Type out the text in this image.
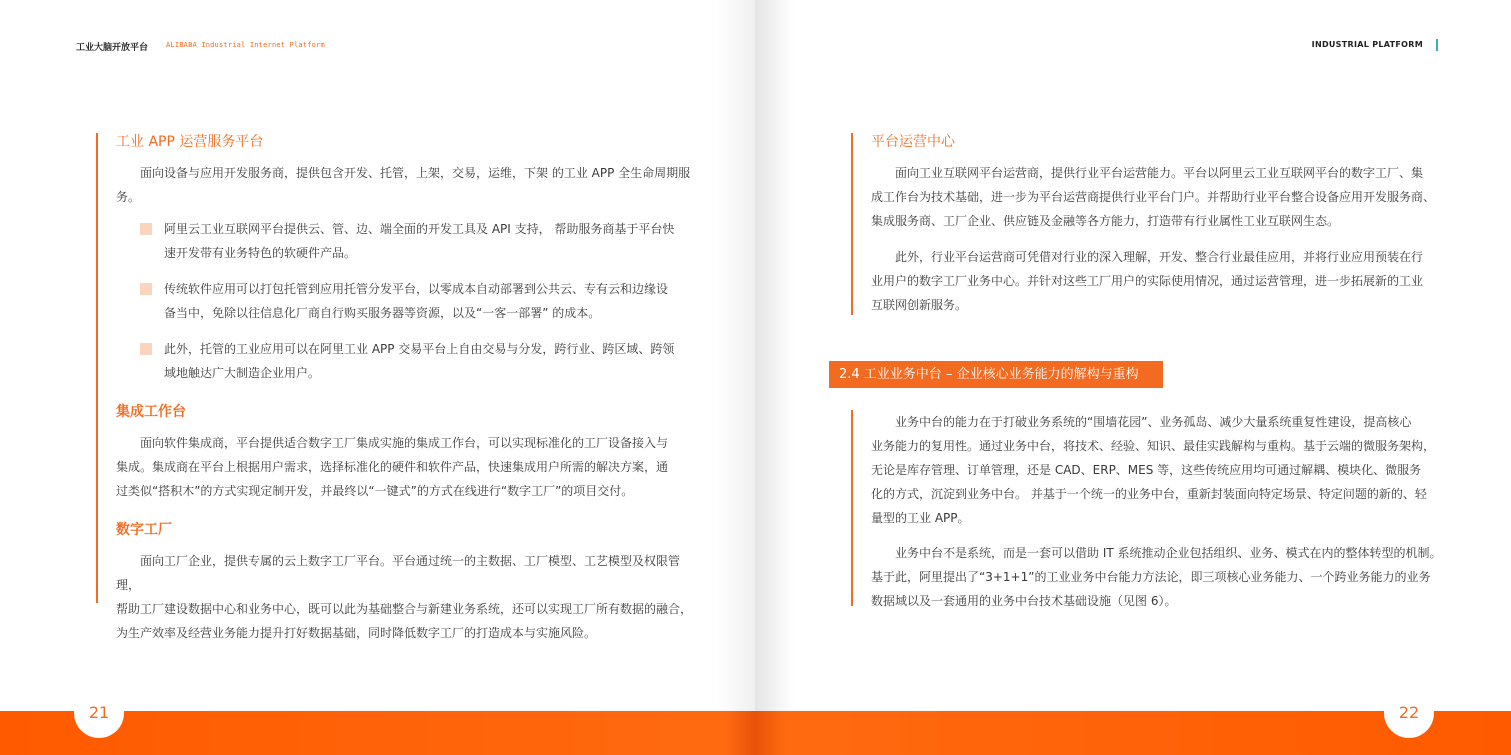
工业大脑开放平台	ALIBABA Industrial Internet Platform
工业 APP 运营服务平台
面向设备与应用开发服务商，提供包含开发、托管，上架，交易，运维，下架 的工业 APP 全生命周期服务。
阿里云工业互联网平台提供云、管、边、端全面的开发工具及 API 支持， 帮助服务商基于平台快
速开发带有业务特色的软硬件产品。
传统软件应用可以打包托管到应用托管分发平台，以零成本自动部署到公共云、专有云和边缘设
备当中，免除以往信息化厂商自行购买服务器等资源，以及“一客一部署” 的成本。
此外，托管的工业应用可以在阿里工业 APP 交易平台上自由交易与分发，跨行业、跨区域、跨领
域地触达广大制造企业用户。
集成工作台
面向软件集成商，平台提供适合数字工厂集成实施的集成工作台，可以实现标准化的工厂设备接入与
集成。集成商在平台上根据用户需求，选择标准化的硬件和软件产品，快速集成用户所需的解决方案，通
过类似“搭积木”的方式实现定制开发，并最终以“一键式”的方式在线进行“数字工厂”的项目交付。
数字工厂
面向工厂企业，提供专属的云上数字工厂平台。平台通过统一的主数据、工厂模型、工艺模型及权限管理，
帮助工厂建设数据中心和业务中心，既可以此为基础整合与新建业务系统，还可以实现工厂所有数据的融合，
为生产效率及经营业务能力提升打好数据基础，同时降低数字工厂的打造成本与实施风险。
INDUSTRIAL PLATFORM
平台运营中心
面向工业互联网平台运营商，提供行业平台运营能力。平台以阿里云工业互联网平台的数字工厂、集
成工作台为技术基础，进一步为平台运营商提供行业平台门户。并帮助行业平台整合设备应用开发服务商、
集成服务商、工厂企业、供应链及金融等各方能力，打造带有行业属性工业互联网生态。
此外，行业平台运营商可凭借对行业的深入理解，开发、整合行业最佳应用，并将行业应用预装在行
业用户的数字工厂业务中心。并针对这些工厂用户的实际使用情况，通过运营管理，进一步拓展新的工业
互联网创新服务。
业务中台的能力在于打破业务系统的“围墙花园”、业务孤岛、减少大量系统重复性建设，提高核心
业务能力的复用性。通过业务中台，将技术、经验、知识、最佳实践解构与重构。基于云端的微服务架构，
无论是库存管理、订单管理，还是 CAD、ERP、MES 等，这些传统应用均可通过解耦、模块化、微服务
化的方式，沉淀到业务中台。 并基于一个统一的业务中台，重新封装面向特定场景、特定问题的新的、轻
量型的工业 APP。
业务中台不是系统，而是一套可以借助 IT 系统推动企业包括组织、业务、模式在内的整体转型的机制。
基于此，阿里提出了“3+1+1”的工业业务中台能力方法论，即三项核心业务能力、一个跨业务能力的业务
数据域以及一套通用的业务中台技术基础设施（见图 6）。
2.4 工业业务中台 – 企业核心业务能力的解构与重构
21	22
